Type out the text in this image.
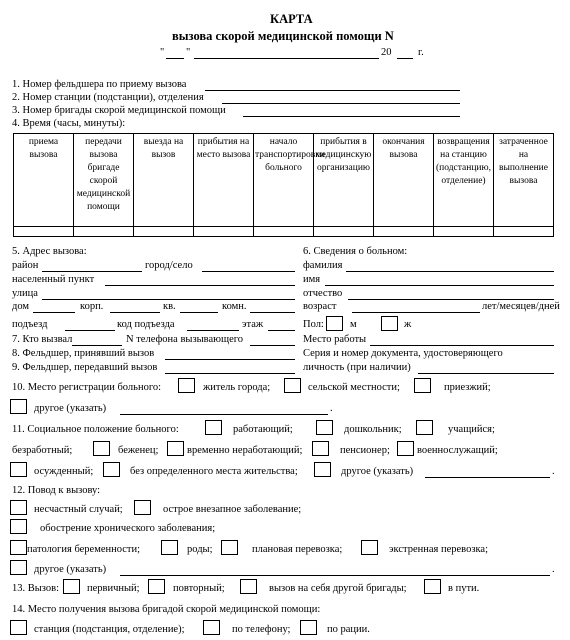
КАРТА
вызова скорой медицинской помощи N
" "	20	г.
1. Номер фельдшера по приему вызова
2. Номер станции (подстанции), отделения
3. Номер бригады скорой медицинской помощи
4. Время (часы, минуты):
приема вызова	передачи вызова бригаде скорой медицинской помощи	выезда на вызов	прибытия на место вызова	начало транспортировки больного	прибытия в медицинскую организацию	окончания вызова	возвращения на станцию (подстанцию, отделение)	затраченное на выполнение вызова

5. Адрес вызова:
район	город/село
населенный пункт
улица
дом	корп.	кв.	комн.
подъезд	код подъезда	этаж
6. Сведения о больном:
фамилия
имя
отчество
возраст	лет/месяцев/дней
Пол: м	ж
Место работы
Серия и номер документа, удостоверяющего
личность (при наличии)
7. Кто вызвал	N телефона вызывающего
8. Фельдшер, принявший вызов
9. Фельдшер, передавший вызов
10. Место регистрации больного:	житель города;	сельской местности;	приезжий;
другое (указать)	.
11. Социальное положение больного:	работающий;	дошкольник;	учащийся;
безработный;	беженец;	временно неработающий;	пенсионер;	военнослужащий;
осужденный;	без определенного места жительства;	другое (указать)	.
12. Повод к вызову:
несчастный случай;	острое внезапное заболевание;
обострение хронического заболевания;
патология беременности;	роды;	плановая перевозка;	экстренная перевозка;
другое (указать)	.
13. Вызов:	первичный;	повторный;	вызов на себя другой бригады;	в пути.
14. Место получения вызова бригадой скорой медицинской помощи:
станция (подстанция, отделение);	по телефону;	по рации.
